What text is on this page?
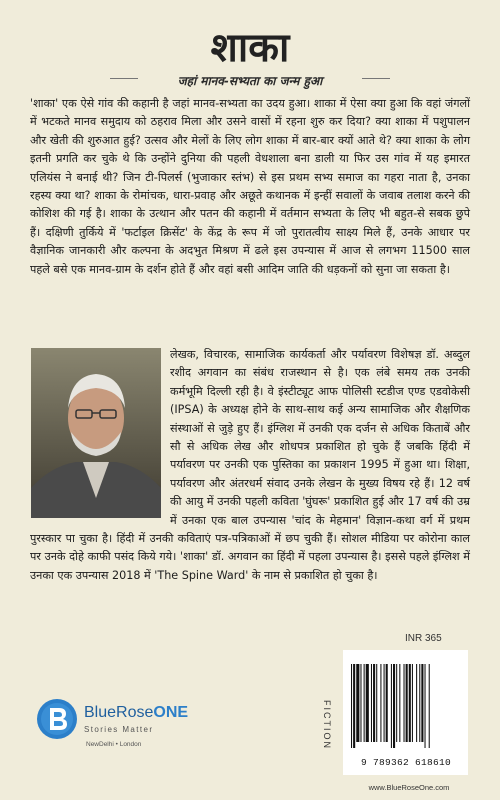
शाका
जहां मानव-सभ्यता का जन्म हुआ

'शाका' एक ऐसे गांव की कहानी है जहां मानव-सभ्यता का उदय हुआ। शाका में ऐसा क्या हुआ कि वहां जंगलों में भटकते मानव समुदाय को ठहराव मिला और उसने वासों में रहना शुरु कर दिया? क्या शाका में पशुपालन और खेती की शुरुआत हुई? उत्सव और मेलों के लिए लोग शाका में बार-बार क्यों आते थे? क्या शाका के लोग इतनी प्रगति कर चुके थे कि उन्होंने दुनिया की पहली वेधशाला बना डाली या फिर उस गांव में यह इमारत एलियंस ने बनाई थी? जिन टी-पिलर्स (भुजाकार स्तंभ) से इस प्रथम सभ्य समाज का गहरा नाता है, उनका रहस्य क्या था? शाका के रोमांचक, धारा-प्रवाह और अछूते कथानक में इन्हीं सवालों के जवाब तलाश करने की कोशिश की गई है। शाका के उत्थान और पतन की कहानी में वर्तमान सभ्यता के लिए भी बहुत-से सबक छुपे हैं। दक्षिणी तुर्किये में 'फर्टाइल क्रिसेंट' के केंद्र के रूप में जो पुरातत्वीय साक्ष्य मिले हैं, उनके आधार पर वैज्ञानिक जानकारी और कल्पना के अदभुत मिश्रण में ढले इस उपन्यास में आज से लगभग 11500 साल पहले बसे एक मानव-ग्राम के दर्शन होते हैं और वहां बसी आदिम जाति की धड़कनों को सुना जा सकता है।

लेखक, विचारक, सामाजिक कार्यकर्ता और पर्यावरण विशेषज्ञ डॉ. अब्दुल रशीद अगवान का संबंध राजस्थान से है। एक लंबे समय तक उनकी कर्मभूमि दिल्ली रही है। वे इंस्टीट्यूट आफ पोलिसी स्टडीज एण्ड एडवोकेसी (IPSA) के अध्यक्ष होने के साथ-साथ कई अन्य सामाजिक और शैक्षणिक संस्थाओं से जुड़े हुए हैं। इंग्लिश में उनकी एक दर्जन से अधिक किताबें और सौ से अधिक लेख और शोधपत्र प्रकाशित हो चुके हैं जबकि हिंदी में पर्यावरण पर उनकी एक पुस्तिका का प्रकाशन 1995 में हुआ था। शिक्षा, पर्यावरण और अंतरधर्म संवाद उनके लेखन के मुख्य विषय रहे हैं। 12 वर्ष की आयु में उनकी पहली कविता 'घुंघरू' प्रकाशित हुई और 17 वर्ष की उम्र में उनका एक बाल उपन्यास 'चांद के मेहमान' विज्ञान-कथा वर्ग में प्रथम पुरस्कार पा चुका है। हिंदी में उनकी कविताएं पत्र-पत्रिकाओं में छप चुकी हैं। सोशल मीडिया पर कोरोना काल पर उनके दोहे काफी पसंद किये गये। 'शाका' डॉ. अगवान का हिंदी में पहला उपन्यास है। इससे पहले इंग्लिश में उनका एक उपन्यास 2018 में 'The Spine Ward' के नाम से प्रकाशित हो चुका है।
INR 365
FICTION
9 789362 618610
www.BlueRoseOne.com
BlueRoseONE
Stories Matter
NewDelhi • London
